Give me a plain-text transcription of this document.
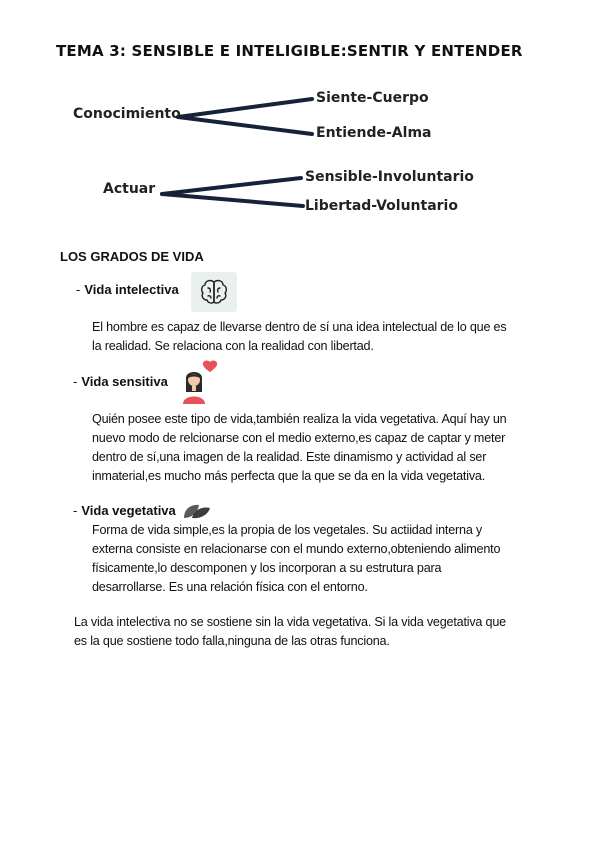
TEMA 3: SENSIBLE E INTELIGIBLE:SENTIR Y ENTENDER
Conocimiento
Siente-Cuerpo
Entiende-Alma
Actuar
Sensible-Involuntario
Libertad-Voluntario
LOS GRADOS DE VIDA
- Vida intelectiva

El hombre es capaz de llevarse dentro de sí una idea intelectual de lo que es

la realidad. Se relaciona con la realidad con libertad.

- Vida sensitiva

Quién posee este tipo de vida,también realiza la vida vegetativa. Aquí hay un

nuevo modo de relcionarse con el medio externo,es capaz de captar y meter

dentro de sí,una imagen de la realidad. Este dinamismo y actividad al ser

inmaterial,es mucho más perfecta que la que se da en la vida vegetativa.

- Vida vegetativa

Forma de vida simple,es la propia de los vegetales. Su actiidad interna y

externa consiste en relacionarse con el mundo externo,obteniendo alimento

físicamente,lo descomponen y los incorporan a su estrutura para

desarrollarse. Es una relación física con el entorno.

La vida intelectiva no se sostiene sin la vida vegetativa. Si la vida vegetativa que

es la que sostiene todo falla,ninguna de las otras funciona.
